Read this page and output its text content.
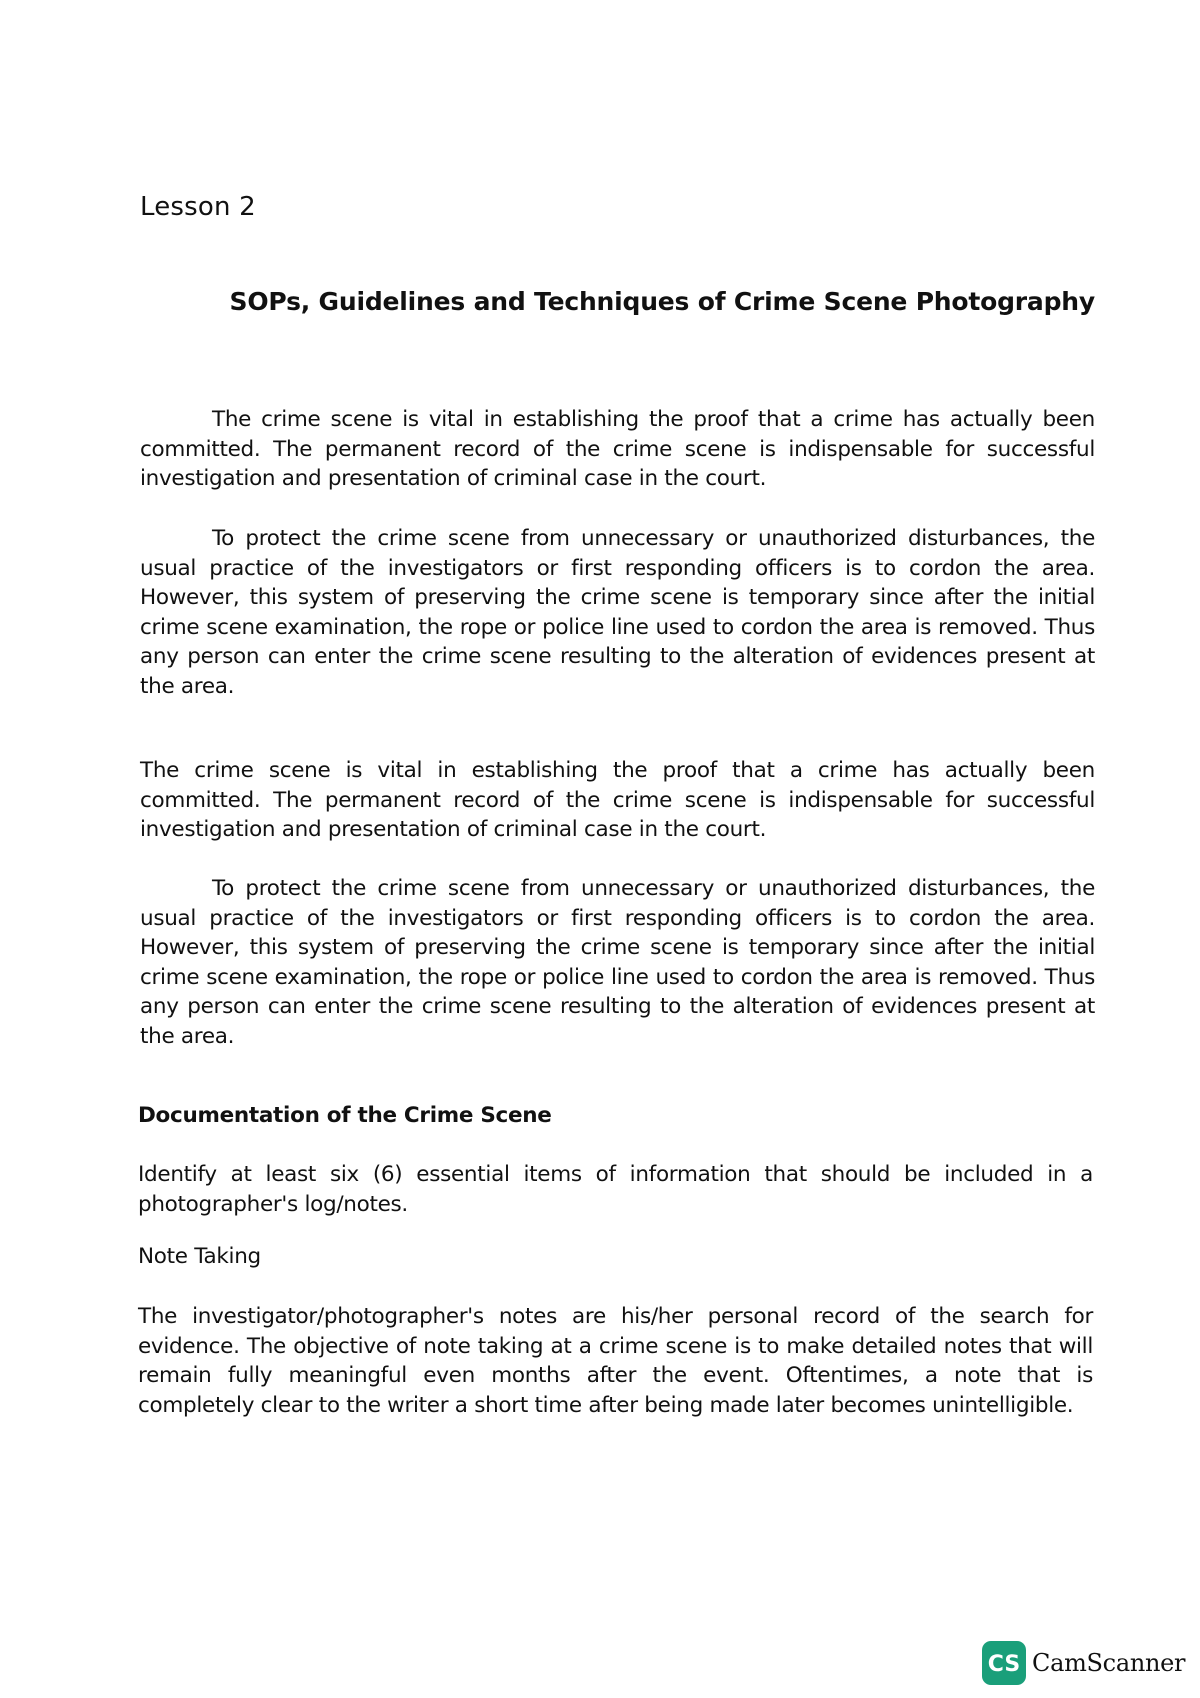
Lesson 2

SOPs, Guidelines and Techniques of Crime Scene Photography

The crime scene is vital in establishing the proof that a crime has actually been committed. The permanent record of the crime scene is indispensable for successful investigation and presentation of criminal case in the court.

To protect the crime scene from unnecessary or unauthorized disturbances, the usual practice of the investigators or first responding officers is to cordon the area. However, this system of preserving the crime scene is temporary since after the initial crime scene examination, the rope or police line used to cordon the area is removed. Thus any person can enter the crime scene resulting to the alteration of evidences present at the area.

The crime scene is vital in establishing the proof that a crime has actually been committed. The permanent record of the crime scene is indispensable for successful investigation and presentation of criminal case in the court.

To protect the crime scene from unnecessary or unauthorized disturbances, the usual practice of the investigators or first responding officers is to cordon the area. However, this system of preserving the crime scene is temporary since after the initial crime scene examination, the rope or police line used to cordon the area is removed. Thus any person can enter the crime scene resulting to the alteration of evidences present at the area.

Documentation of the Crime Scene

Identify at least six (6) essential items of information that should be included in a photographer's log/notes.

Note Taking

The investigator/photographer's notes are his/her personal record of the search for evidence. The objective of note taking at a crime scene is to make detailed notes that will remain fully meaningful even months after the event. Oftentimes, a note that is completely clear to the writer a short time after being made later becomes unintelligible.

CS CamScanner
